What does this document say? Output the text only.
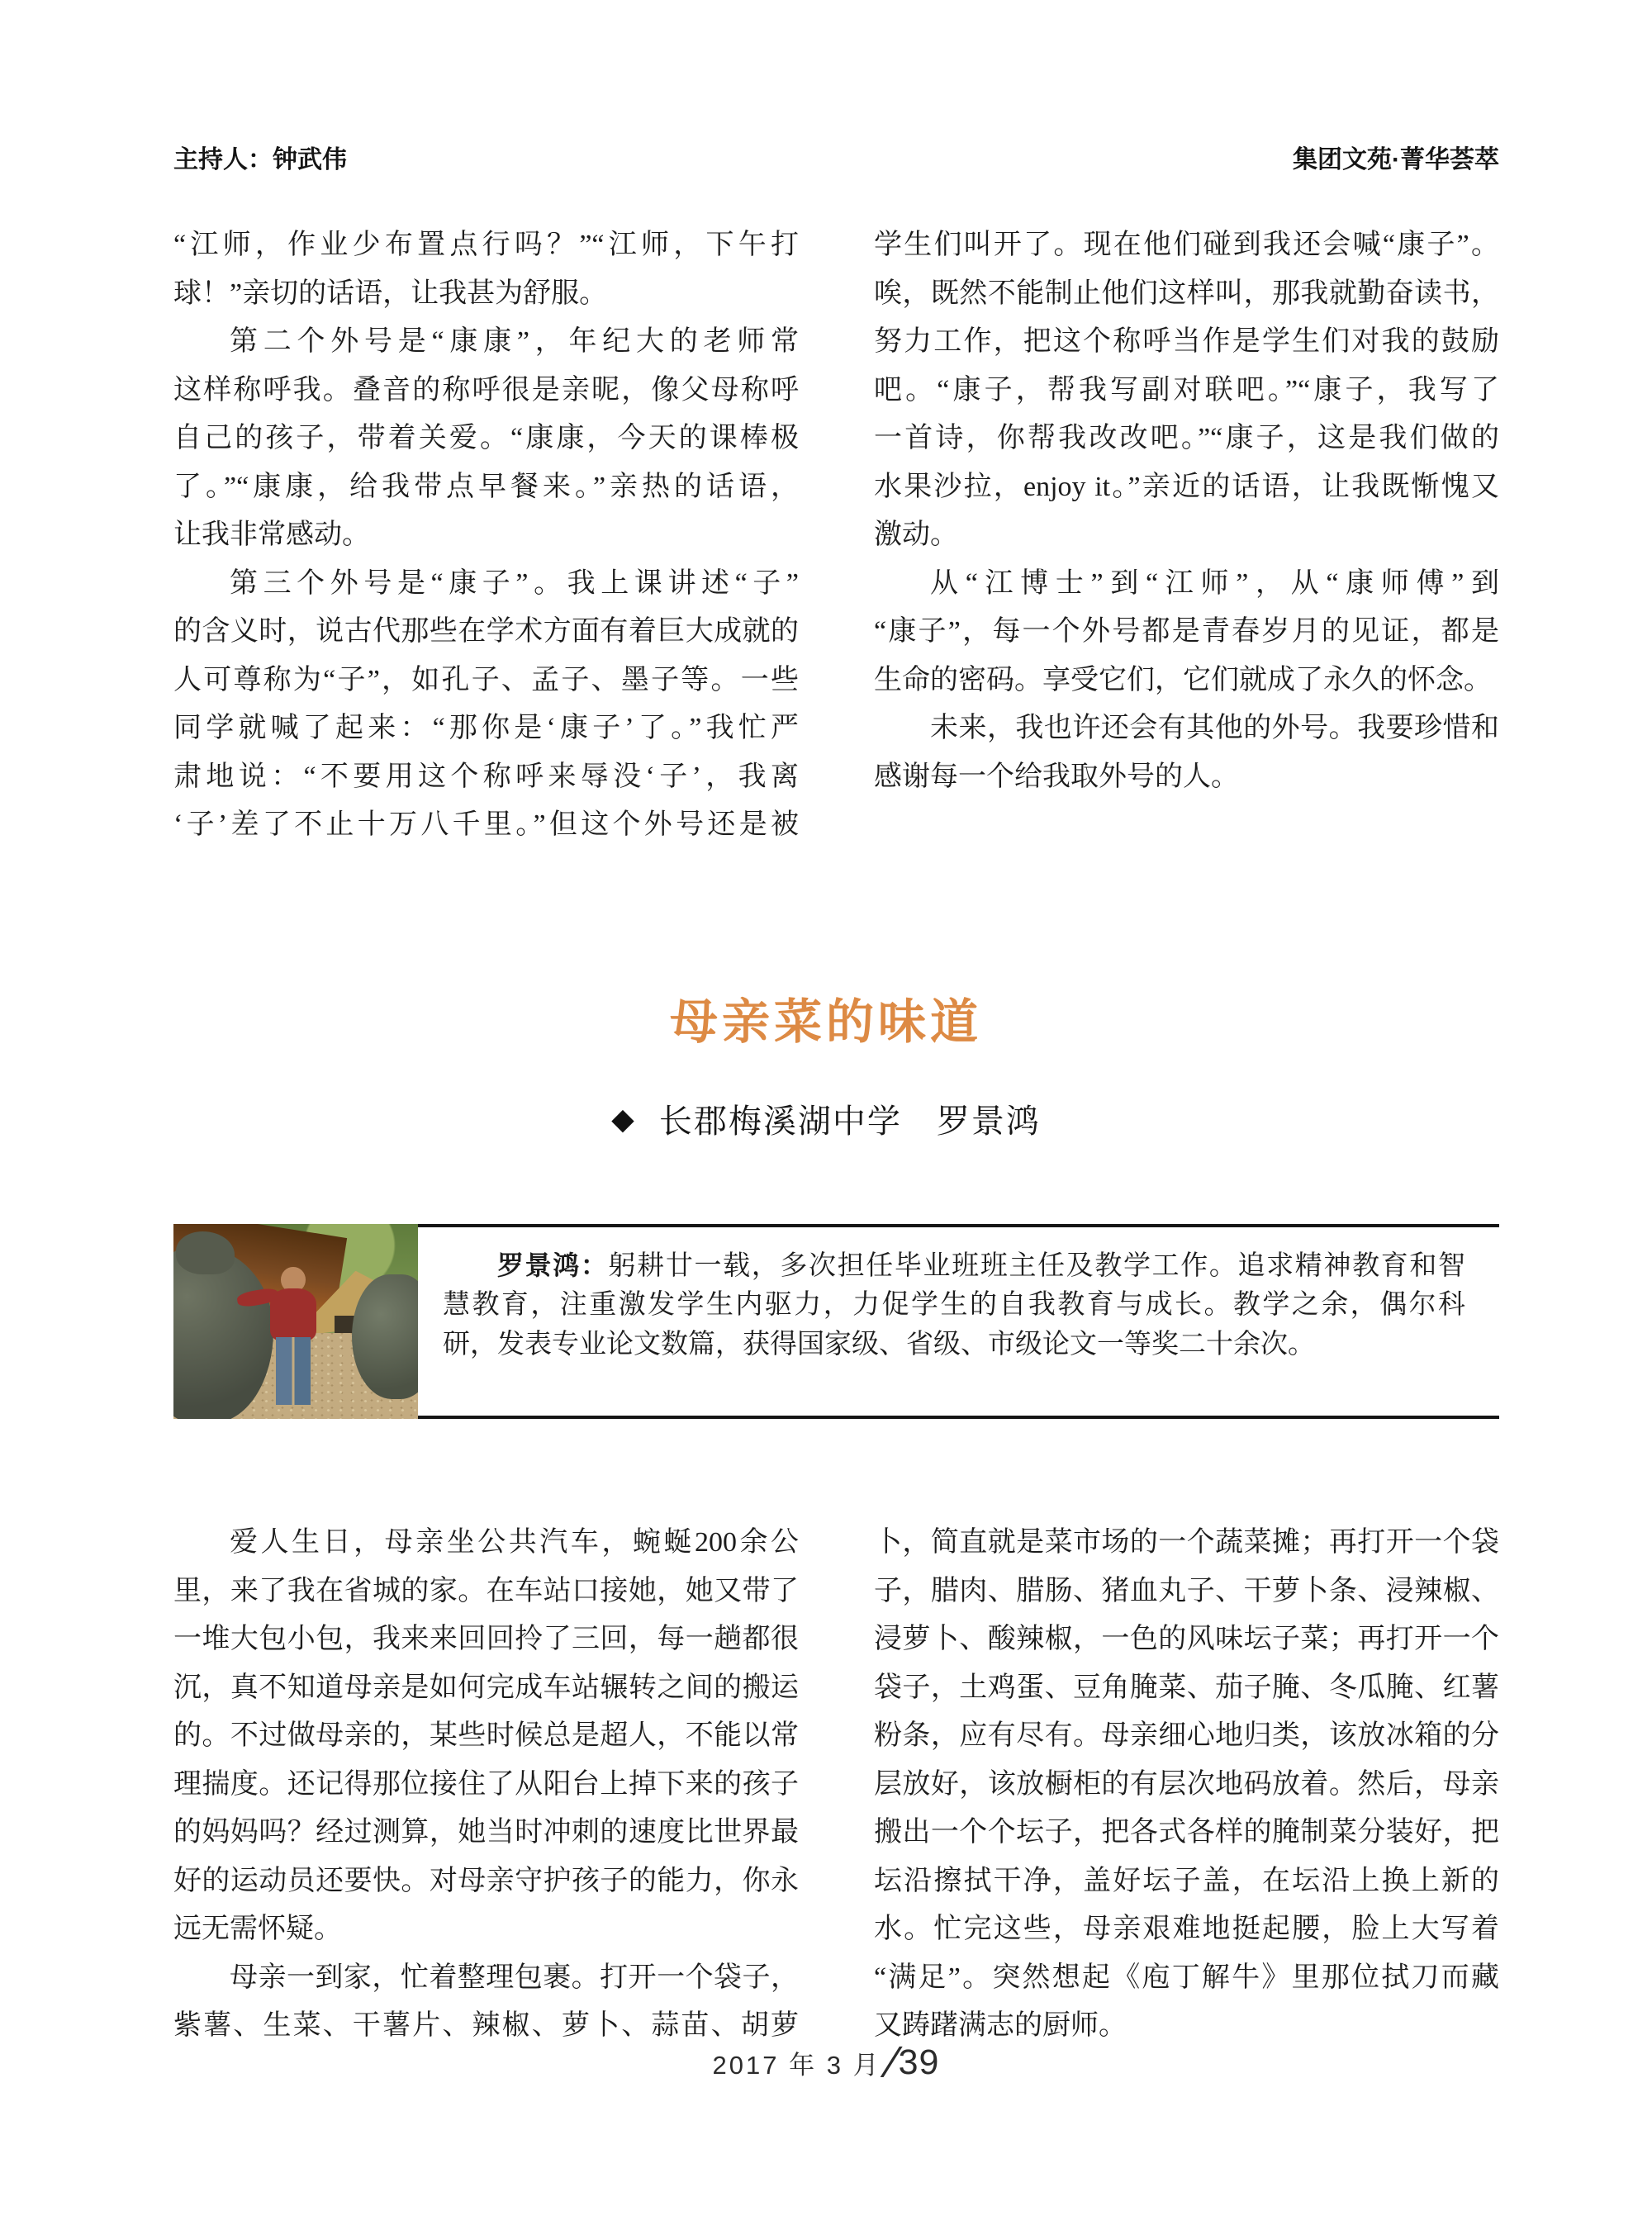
主持人：钟武伟	集团文苑·菁华荟萃
“江师，作业少布置点行吗？”“江师，下午打
球！”亲切的话语，让我甚为舒服。
第二个外号是“康康”，年纪大的老师常
这样称呼我。叠音的称呼很是亲昵，像父母称呼
自己的孩子，带着关爱。“康康，今天的课棒极
了。”“康康，给我带点早餐来。”亲热的话语，
让我非常感动。
第三个外号是“康子”。我上课讲述“子”
的含义时，说古代那些在学术方面有着巨大成就的
人可尊称为“子”，如孔子、孟子、墨子等。一些
同学就喊了起来：“那你是‘康子’了。”我忙严
肃地说：“不要用这个称呼来辱没‘子’，我离
‘子’差了不止十万八千里。”但这个外号还是被
学生们叫开了。现在他们碰到我还会喊“康子”。
唉，既然不能制止他们这样叫，那我就勤奋读书，
努力工作，把这个称呼当作是学生们对我的鼓励
吧。“康子，帮我写副对联吧。”“康子，我写了
一首诗，你帮我改改吧。”“康子，这是我们做的
水果沙拉，enjoy it。”亲近的话语，让我既惭愧又
激动。
从“江博士”到“江师”，从“康师傅”到
“康子”，每一个外号都是青春岁月的见证，都是
生命的密码。享受它们，它们就成了永久的怀念。
未来，我也许还会有其他的外号。我要珍惜和
感谢每一个给我取外号的人。
母亲菜的味道
◆ 长郡梅溪湖中学　罗景鸿
罗景鸿：躬耕廿一载，多次担任毕业班班主任及教学工作。追求精神教育和智
慧教育，注重激发学生内驱力，力促学生的自我教育与成长。教学之余，偶尔科
研，发表专业论文数篇，获得国家级、省级、市级论文一等奖二十余次。
爱人生日，母亲坐公共汽车，蜿蜒200余公
里，来了我在省城的家。在车站口接她，她又带了
一堆大包小包，我来来回回拎了三回，每一趟都很
沉，真不知道母亲是如何完成车站辗转之间的搬运
的。不过做母亲的，某些时候总是超人，不能以常
理揣度。还记得那位接住了从阳台上掉下来的孩子
的妈妈吗？经过测算，她当时冲刺的速度比世界最
好的运动员还要快。对母亲守护孩子的能力，你永
远无需怀疑。
母亲一到家，忙着整理包裹。打开一个袋子，
紫薯、生菜、干薯片、辣椒、萝卜、蒜苗、胡萝
卜，简直就是菜市场的一个蔬菜摊；再打开一个袋
子，腊肉、腊肠、猪血丸子、干萝卜条、浸辣椒、
浸萝卜、酸辣椒，一色的风味坛子菜；再打开一个
袋子，土鸡蛋、豆角腌菜、茄子腌、冬瓜腌、红薯
粉条，应有尽有。母亲细心地归类，该放冰箱的分
层放好，该放橱柜的有层次地码放着。然后，母亲
搬出一个个坛子，把各式各样的腌制菜分装好，把
坛沿擦拭干净，盖好坛子盖，在坛沿上换上新的
水。忙完这些，母亲艰难地挺起腰，脸上大写着
“满足”。突然想起《庖丁解牛》里那位拭刀而藏
又踌躇满志的厨师。
2017 年 3 月 ∕ 39
